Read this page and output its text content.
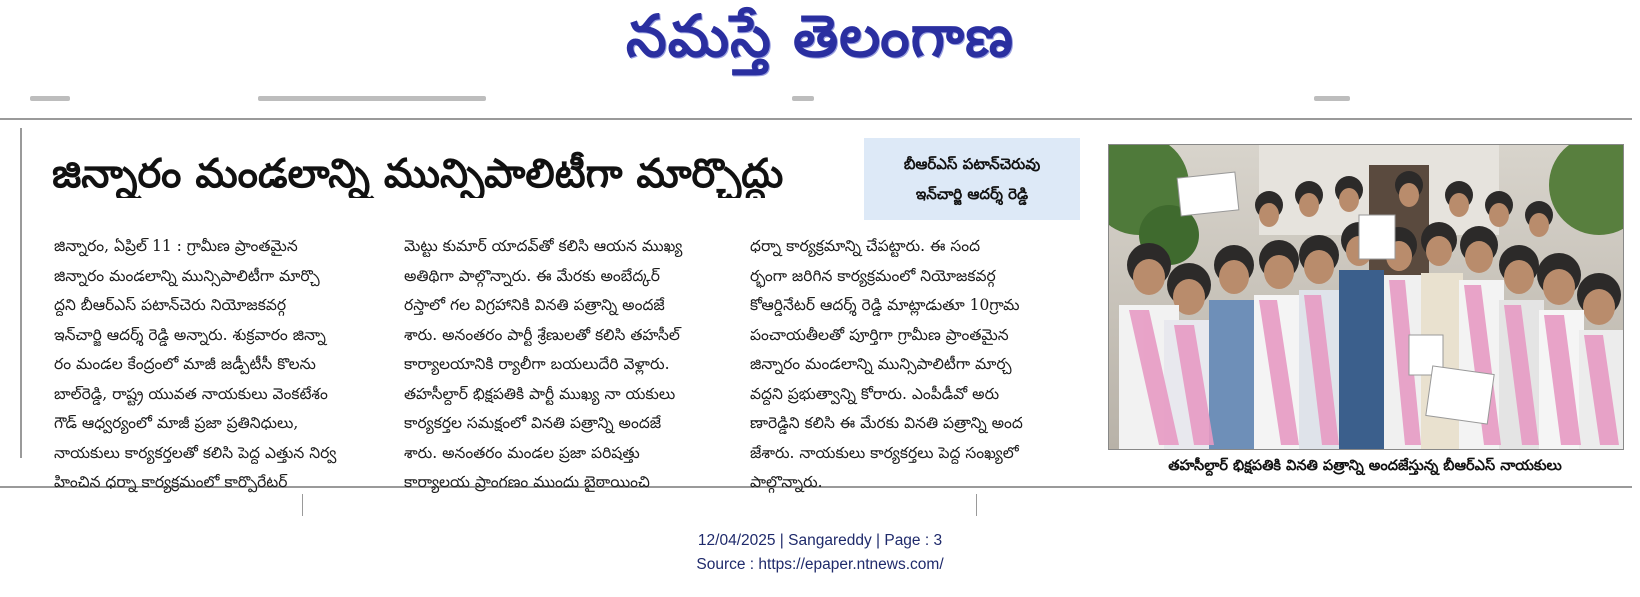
నమస్తే తెలంగాణ
జిన్నారం మండలాన్ని మున్సిపాలిటీగా మార్చొద్దు	బీఆర్ఎస్ పటాన్‌చెరువు
ఇన్‌చార్జి ఆదర్శ్ రెడ్డి

జిన్నారం, ఏప్రిల్ 11 : గ్రామీణ ప్రాంతమైన

జిన్నారం మండలాన్ని మున్సిపాలిటీగా మార్చొ

ద్దని బీఆర్ఎస్ పటాన్‌చెరు నియోజకవర్గ

ఇన్‌చార్జి ఆదర్శ్ రెడ్డి అన్నారు. శుక్రవారం జిన్నా

రం మండల కేంద్రంలో మాజీ జడ్పీటీసీ కొలను

బాల్‌రెడ్డి, రాష్ట్ర యువత నాయకులు వెంకటేశం

గౌడ్ ఆధ్వర్యంలో మాజీ ప్రజా ప్రతినిధులు,

నాయకులు కార్యకర్తలతో కలిసి పెద్ద ఎత్తున నిర్వ

హించిన ధర్నా కార్యక్రమంలో కార్పొరేటర్

మెట్టు కుమార్ యాదవ్‌తో కలిసి ఆయన ముఖ్య

అతిథిగా పాల్గొన్నారు. ఈ మేరకు అంబేద్కర్

రస్తాలో గల విగ్రహానికి వినతి పత్రాన్ని అందజే

శారు. అనంతరం పార్టీ శ్రేణులతో కలిసి తహసీల్

కార్యాలయానికి ర్యాలీగా బయలుదేరి వెళ్లారు.

తహసీల్దార్ భిక్షపతికి పార్టీ ముఖ్య నా యకులు

కార్యకర్తల సమక్షంలో వినతి పత్రాన్ని అందజే

శారు. అనంతరం మండల ప్రజా పరిషత్తు

కార్యాలయ ప్రాంగణం ముందు బైఠాయించి

ధర్నా కార్యక్రమాన్ని చేపట్టారు. ఈ సంద

ర్భంగా జరిగిన కార్యక్రమంలో నియోజకవర్గ

కోఆర్డినేటర్ ఆదర్శ్ రెడ్డి మాట్లాడుతూ 10గ్రామ

పంచాయతీలతో పూర్తిగా గ్రామీణ ప్రాంతమైన

జిన్నారం మండలాన్ని మున్సిపాలిటీగా మార్చ

వద్దని ప్రభుత్వాన్ని కోరారు. ఎంపీడీవో అరు

ణారెడ్డిని కలిసి ఈ మేరకు వినతి పత్రాన్ని అంద

జేశారు. నాయకులు కార్యకర్తలు పెద్ద సంఖ్యలో

పాల్గొన్నారు.

తహసీల్దార్ భిక్షపతికి వినతి పత్రాన్ని అందజేస్తున్న బీఆర్ఎస్ నాయకులు
12/04/2025 | Sangareddy | Page : 3
Source : https://epaper.ntnews.com/
